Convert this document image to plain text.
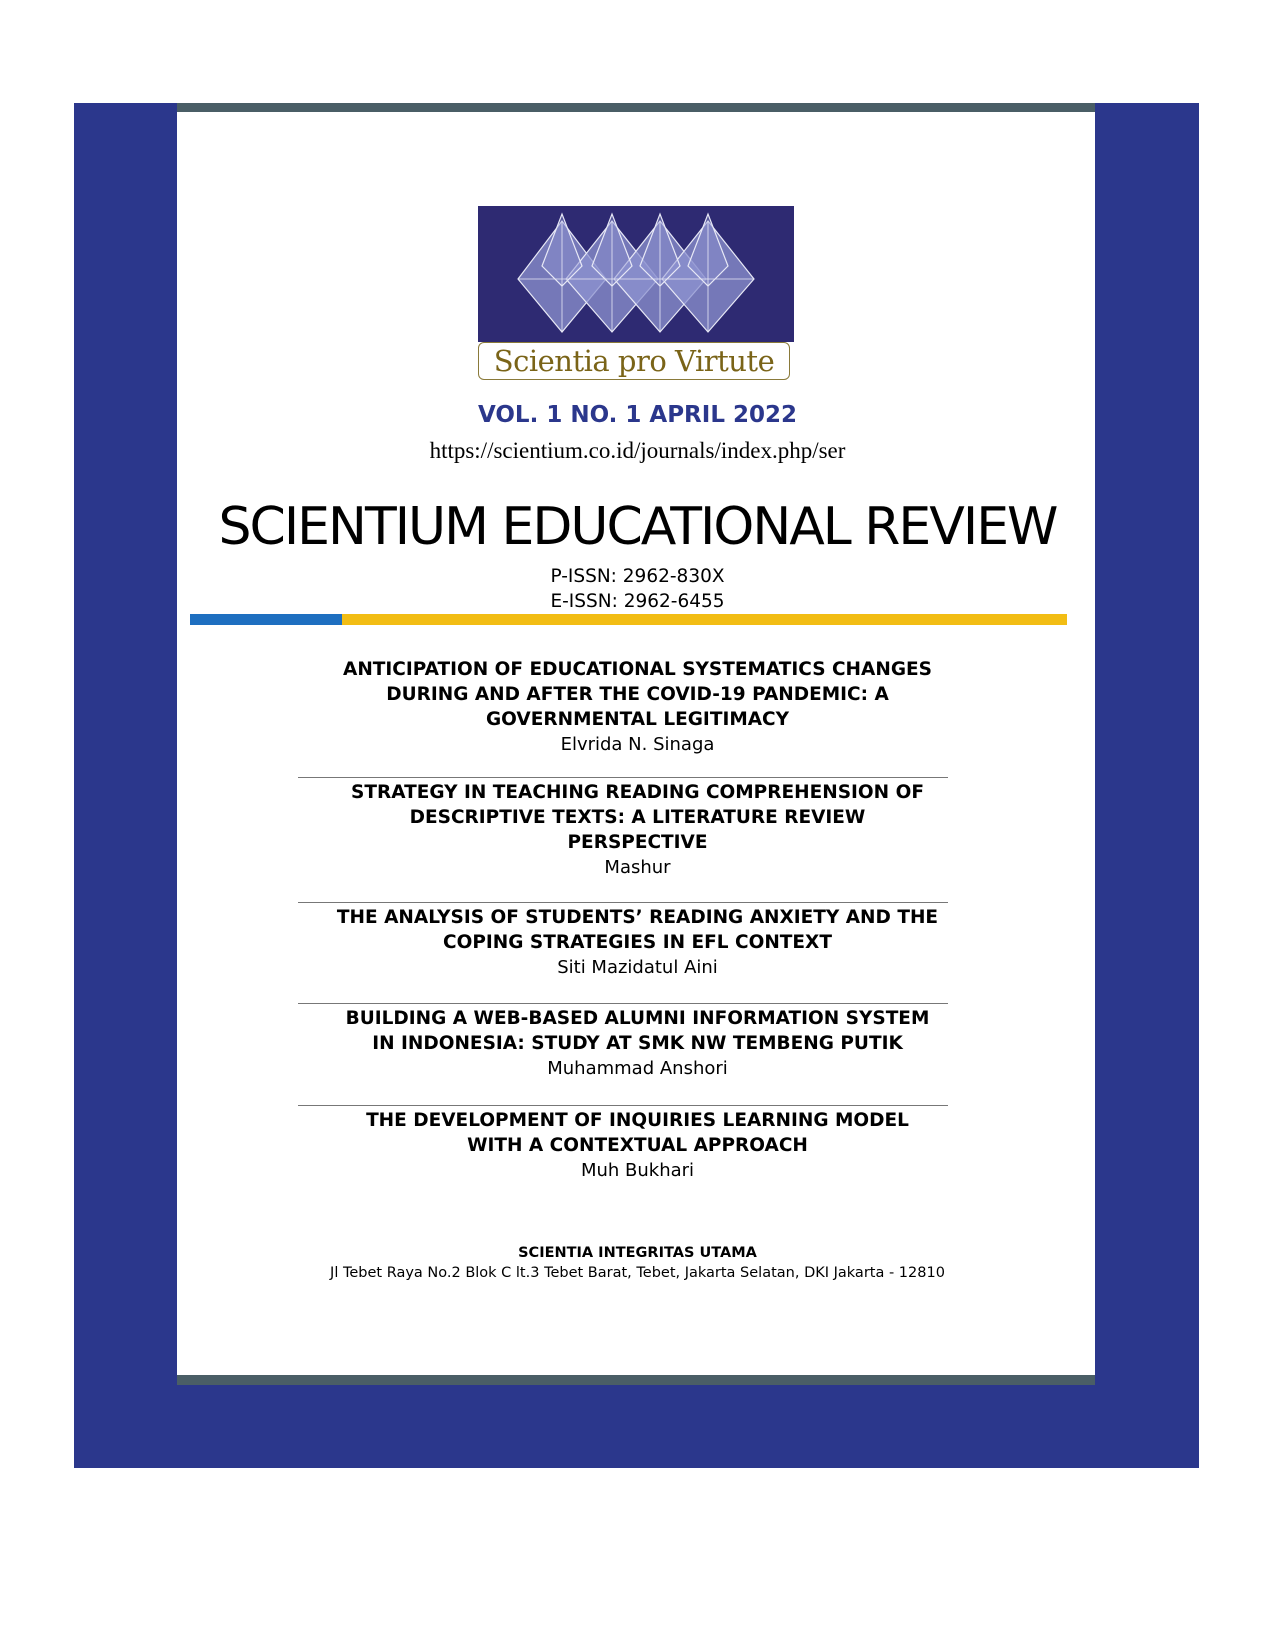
Scientia pro Virtute
VOL. 1 NO. 1 APRIL 2022
https://scientium.co.id/journals/index.php/ser
SCIENTIUM EDUCATIONAL REVIEW
P-ISSN: 2962-830X
E-ISSN: 2962-6455
ANTICIPATION OF EDUCATIONAL SYSTEMATICS CHANGES
DURING AND AFTER THE COVID-19 PANDEMIC: A
GOVERNMENTAL LEGITIMACY
Elvrida N. Sinaga
STRATEGY IN TEACHING READING COMPREHENSION OF
DESCRIPTIVE TEXTS: A LITERATURE REVIEW
PERSPECTIVE
Mashur
THE ANALYSIS OF STUDENTS’ READING ANXIETY AND THE
COPING STRATEGIES IN EFL CONTEXT
Siti Mazidatul Aini
BUILDING A WEB-BASED ALUMNI INFORMATION SYSTEM
IN INDONESIA: STUDY AT SMK NW TEMBENG PUTIK
Muhammad Anshori
THE DEVELOPMENT OF INQUIRIES LEARNING MODEL
WITH A CONTEXTUAL APPROACH
Muh Bukhari
SCIENTIA INTEGRITAS UTAMA
Jl Tebet Raya No.2 Blok C lt.3 Tebet Barat, Tebet, Jakarta Selatan, DKI Jakarta - 12810
